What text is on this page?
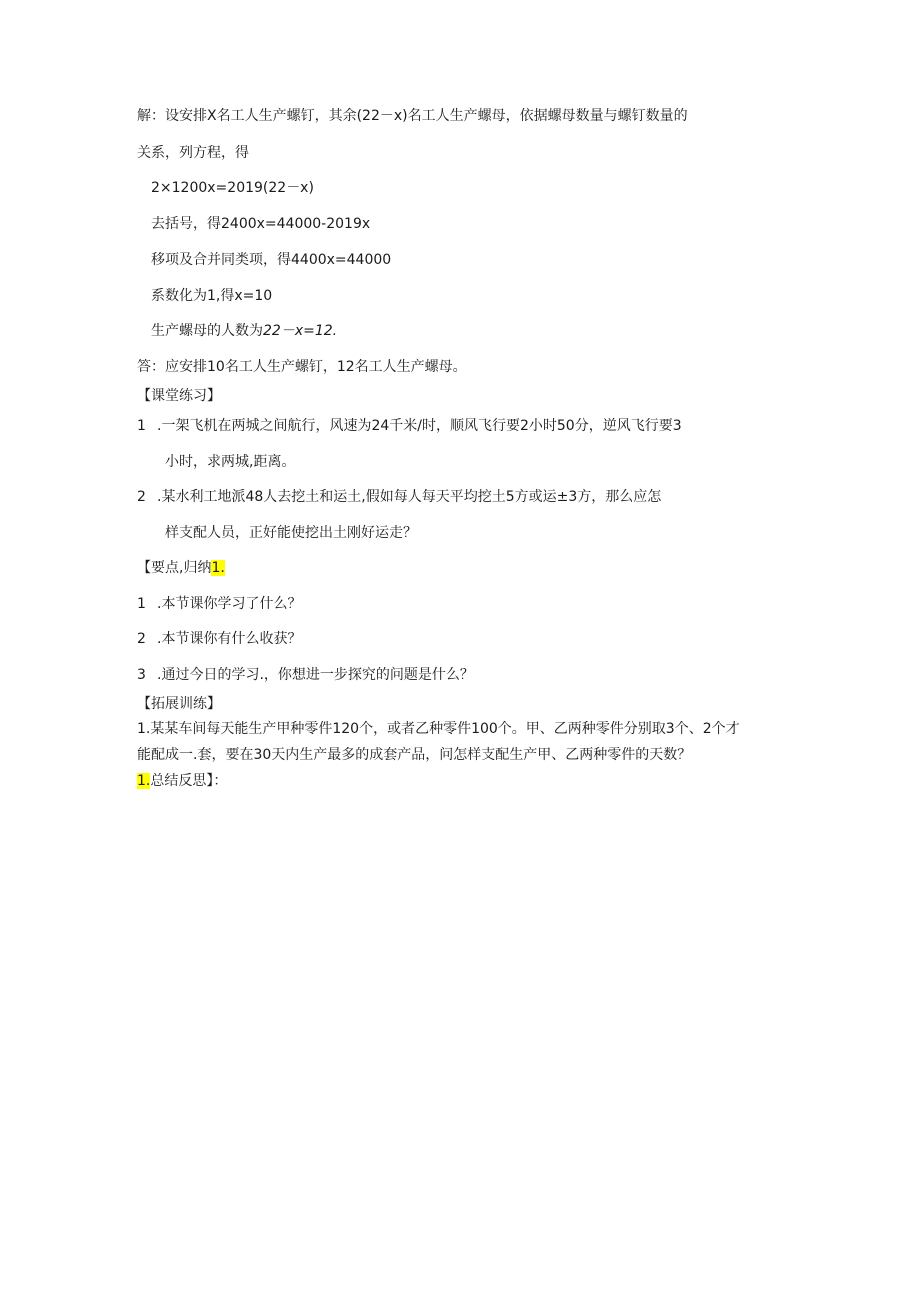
解：设安排X名工人生产螺钉，其余(22－x)名工人生产螺母，依据螺母数量与螺钉数量的
关系，列方程，得
2×1200x=2019(22－x)
去括号，得2400x=44000-2019x
移项及合并同类项，得4400x=44000
系数化为1,得x=10
生产螺母的人数为22－x=12.
答：应安排10名工人生产螺钉，12名工人生产螺母。
【课堂练习】
1 .一架飞机在两城之间航行，风速为24千米/时，顺风飞行要2小时50分，逆风飞行要3
小时，求两城,距离。
2 .某水利工地派48人去挖土和运土,假如每人每天平均挖土5方或运±3方，那么应怎
样支配人员，正好能使挖出土刚好运走？
【要点,归纳1.
1 .本节课你学习了什么？
2 .本节课你有什么收获？
3 .通过今日的学习.，你想进一步探究的问题是什么？
【拓展训练】
1.某某车间每天能生产甲种零件120个，或者乙种零件100个。甲、乙两种零件分别取3个、2个才
能配成一.套，要在30天内生产最多的成套产品，问怎样支配生产甲、乙两种零件的天数？
1.总结反思】：
